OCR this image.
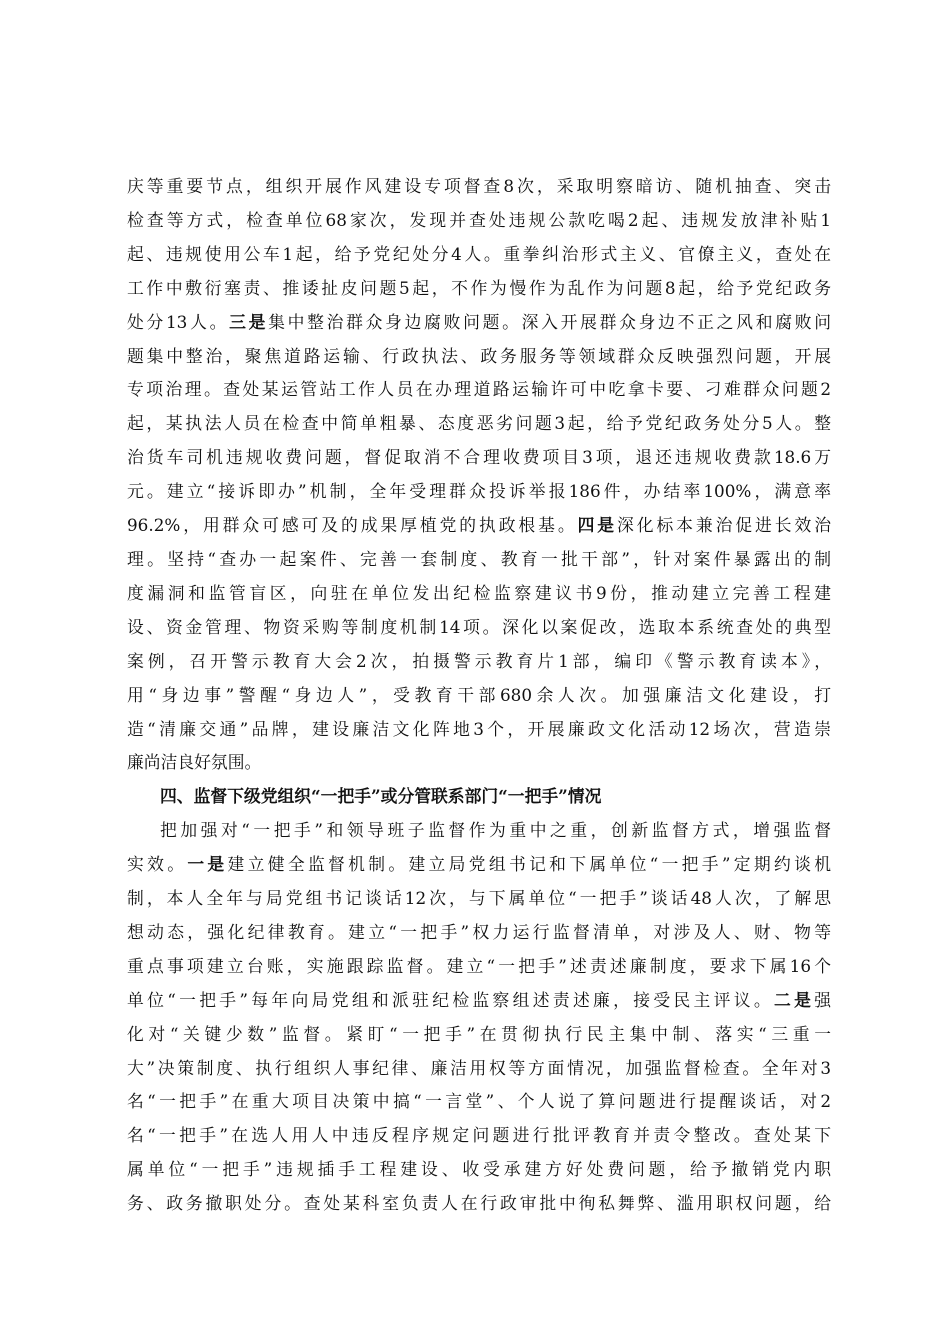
庆等重要节点，组织开展作风建设专项督查8次，采取明察暗访、随机抽查、突击
检查等方式，检查单位68家次，发现并查处违规公款吃喝2起、违规发放津补贴1
起、违规使用公车1起，给予党纪处分4人。重拳纠治形式主义、官僚主义，查处在
工作中敷衍塞责、推诿扯皮问题5起，不作为慢作为乱作为问题8起，给予党纪政务
处分13人。三是集中整治群众身边腐败问题。深入开展群众身边不正之风和腐败问
题集中整治，聚焦道路运输、行政执法、政务服务等领域群众反映强烈问题，开展
专项治理。查处某运管站工作人员在办理道路运输许可中吃拿卡要、刁难群众问题2
起，某执法人员在检查中简单粗暴、态度恶劣问题3起，给予党纪政务处分5人。整
治货车司机违规收费问题，督促取消不合理收费项目3项，退还违规收费款18.6万
元。建立“接诉即办”机制，全年受理群众投诉举报186件，办结率100%，满意率
96.2%，用群众可感可及的成果厚植党的执政根基。四是深化标本兼治促进长效治
理。坚持“查办一起案件、完善一套制度、教育一批干部”，针对案件暴露出的制
度漏洞和监管盲区，向驻在单位发出纪检监察建议书9份，推动建立完善工程建
设、资金管理、物资采购等制度机制14项。深化以案促改，选取本系统查处的典型
案例，召开警示教育大会2次，拍摄警示教育片1部，编印《警示教育读本》，
用“身边事”警醒“身边人”，受教育干部680余人次。加强廉洁文化建设，打
造“清廉交通”品牌，建设廉洁文化阵地3个，开展廉政文化活动12场次，营造崇
廉尚洁良好氛围。
四、监督下级党组织“一把手”或分管联系部门“一把手”情况
把加强对“一把手”和领导班子监督作为重中之重，创新监督方式，增强监督
实效。一是建立健全监督机制。建立局党组书记和下属单位“一把手”定期约谈机
制，本人全年与局党组书记谈话12次，与下属单位“一把手”谈话48人次，了解思
想动态，强化纪律教育。建立“一把手”权力运行监督清单，对涉及人、财、物等
重点事项建立台账，实施跟踪监督。建立“一把手”述责述廉制度，要求下属16个
单位“一把手”每年向局党组和派驻纪检监察组述责述廉，接受民主评议。二是强
化对“关键少数”监督。紧盯“一把手”在贯彻执行民主集中制、落实“三重一
大”决策制度、执行组织人事纪律、廉洁用权等方面情况，加强监督检查。全年对3
名“一把手”在重大项目决策中搞“一言堂”、个人说了算问题进行提醒谈话，对2
名“一把手”在选人用人中违反程序规定问题进行批评教育并责令整改。查处某下
属单位“一把手”违规插手工程建设、收受承建方好处费问题，给予撤销党内职
务、政务撤职处分。查处某科室负责人在行政审批中徇私舞弊、滥用职权问题，给
